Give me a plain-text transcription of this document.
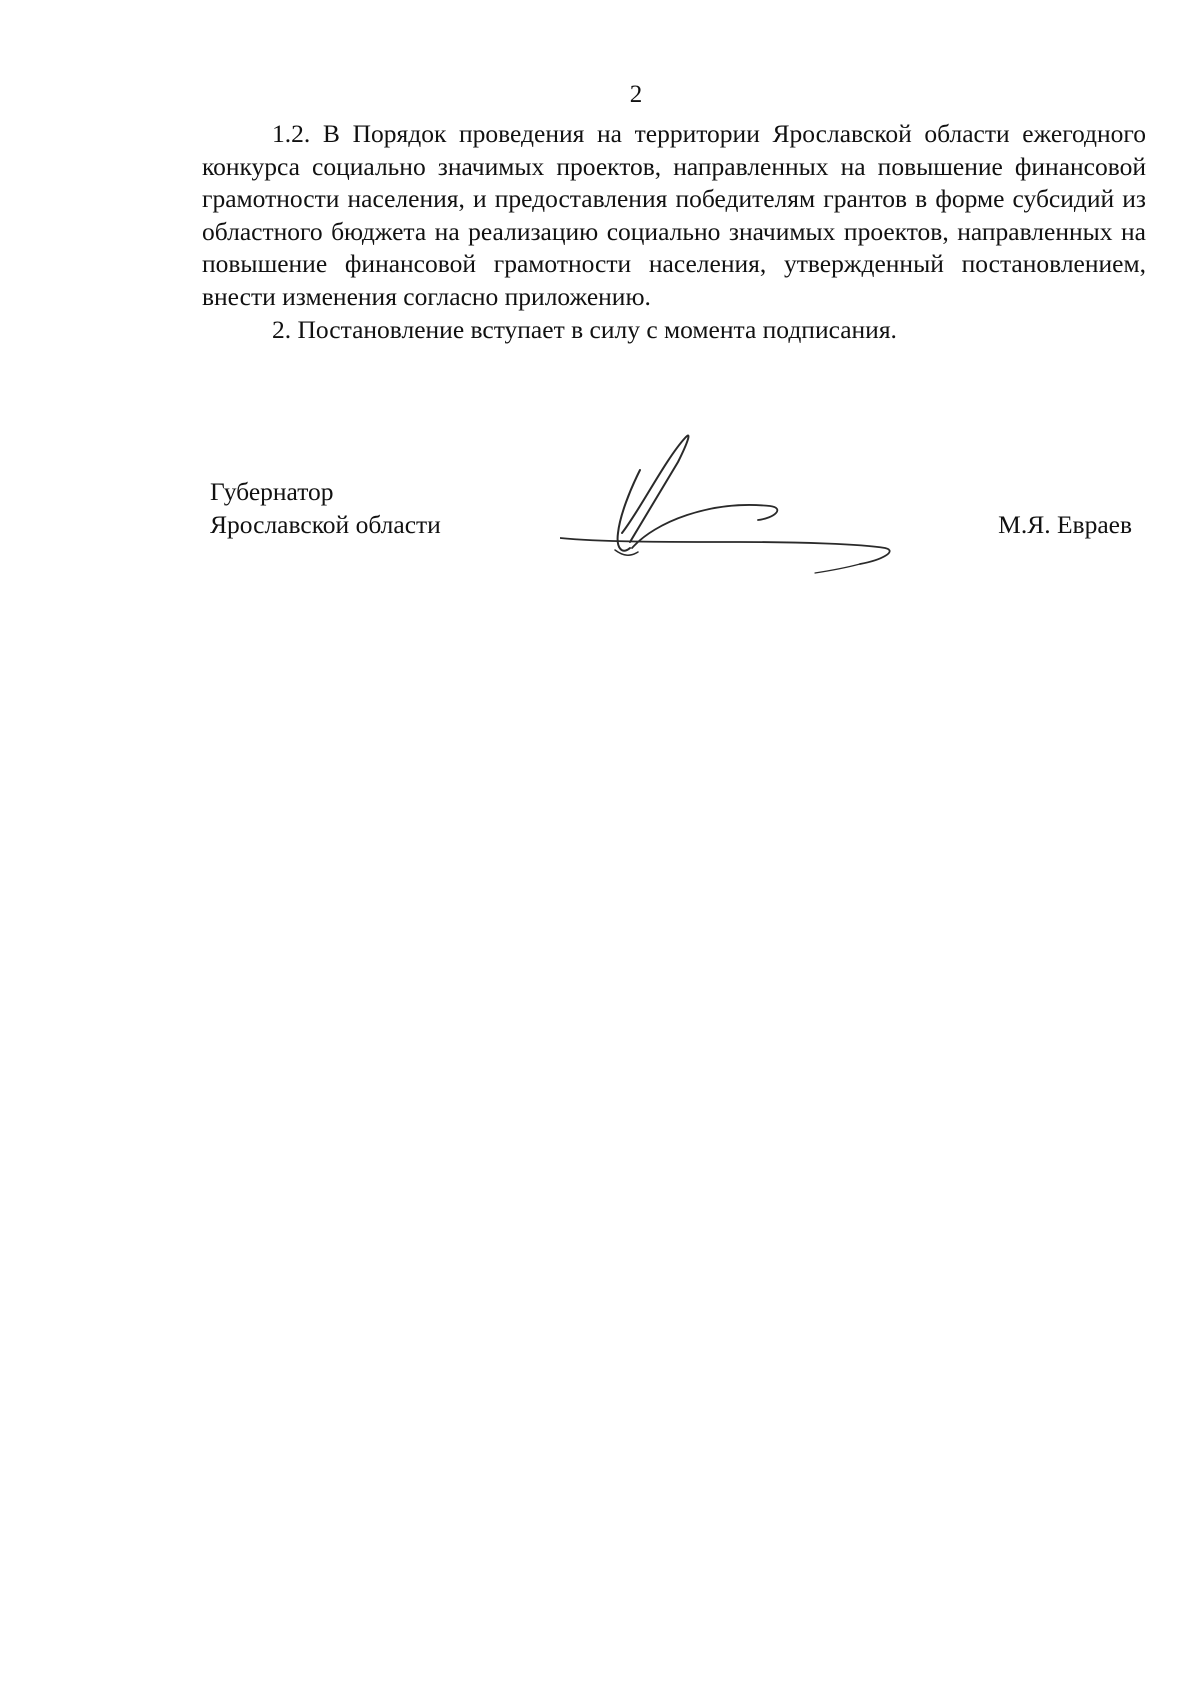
2

1.2. В Порядок проведения на территории Ярославской области ежегодного конкурса социально значимых проектов, направленных на повышение финансовой грамотности населения, и предоставления победителям грантов в форме субсидий из областного бюджета на реализацию социально значимых проектов, направленных на повышение финансовой грамотности населения, утвержденный постановлением, внести изменения согласно приложению.

2. Постановление вступает в силу с момента подписания.

Губернатор
Ярославской области	М.Я. Евраев
